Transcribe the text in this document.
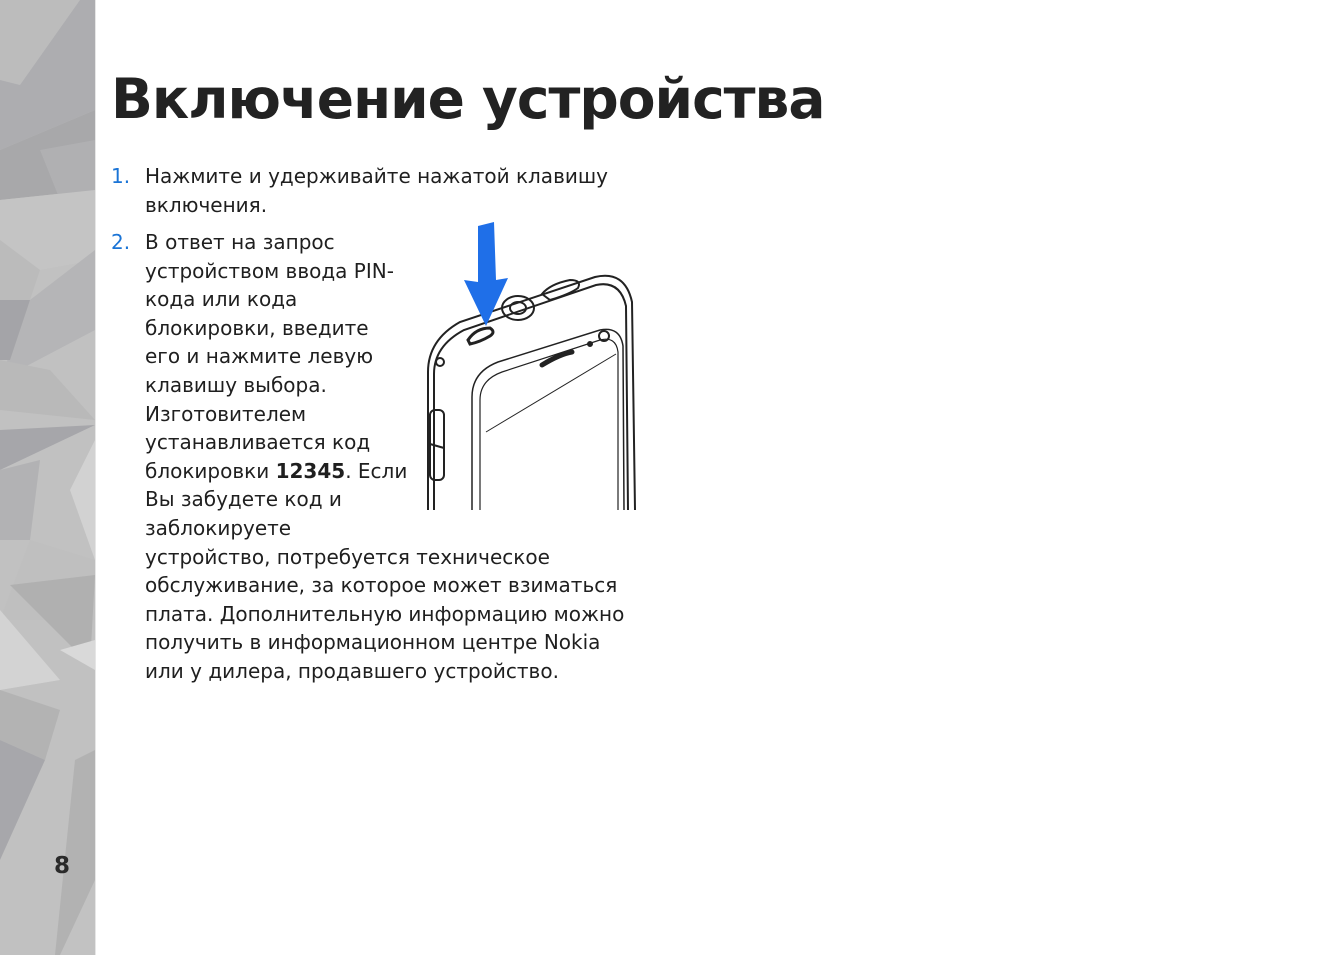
8
Включение устройства
1. Нажмите и удерживайте нажатой клавишу
включения.
2. В ответ на запрос
устройством ввода PIN-
кода или кода
блокировки, введите
его и нажмите левую
клавишу выбора.
Изготовителем
устанавливается код
блокировки 12345. Если
Вы забудете код и
заблокируете
устройство, потребуется техническое
обслуживание, за которое может взиматься
плата. Дополнительную информацию можно
получить в информационном центре Nokia
или у дилера, продавшего устройство.
